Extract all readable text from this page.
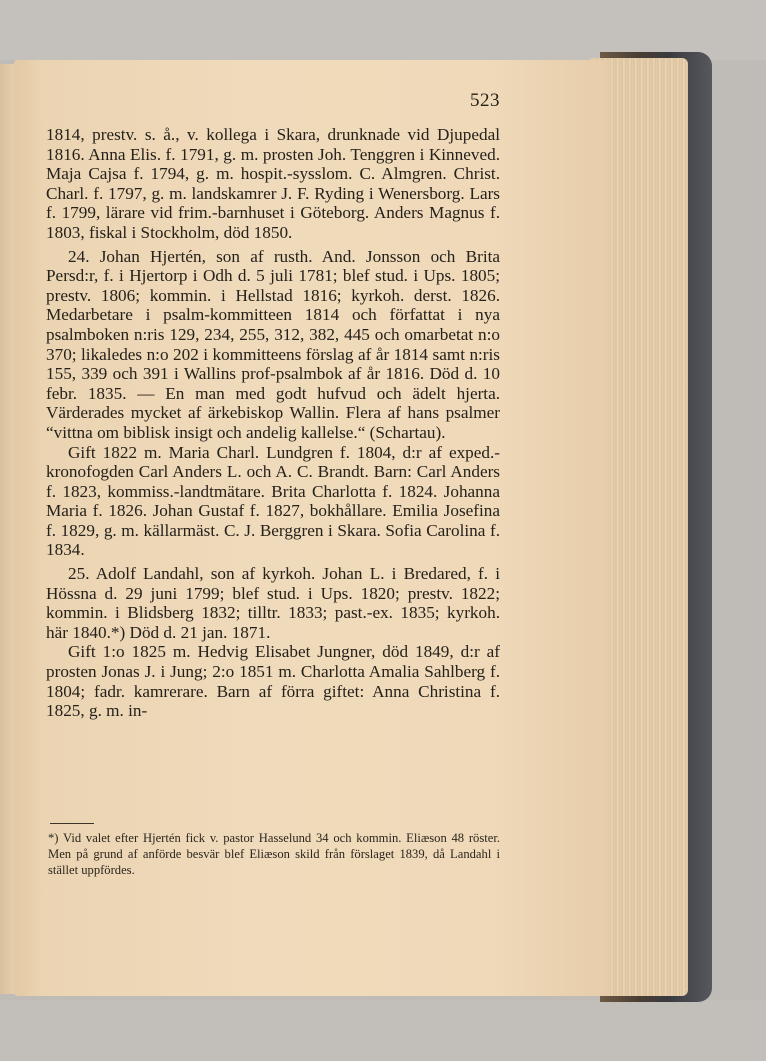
523

1814, prestv. s. å., v. kollega i Skara, drunknade vid Djupedal 1816. Anna Elis. f. 1791, g. m. prosten Joh. Tenggren i Kinneved. Maja Cajsa f. 1794, g. m. hospit.-sysslom. C. Almgren. Christ. Charl. f. 1797, g. m. landskamrer J. F. Ryding i Wenersborg. Lars f. 1799, lärare vid frim.-barnhuset i Göteborg. Anders Magnus f. 1803, fiskal i Stockholm, död 1850.

24. Johan Hjertén, son af rusth. And. Jonsson och Brita Persd:r, f. i Hjertorp i Odh d. 5 juli 1781; blef stud. i Ups. 1805; prestv. 1806; kommin. i Hellstad 1816; kyrkoh. derst. 1826. Medarbetare i psalm-kommitteen 1814 och författat i nya psalmboken n:ris 129, 234, 255, 312, 382, 445 och omarbetat n:o 370; likaledes n:o 202 i kommitteens förslag af år 1814 samt n:ris 155, 339 och 391 i Wallins prof-psalmbok af år 1816. Död d. 10 febr. 1835. — En man med godt hufvud och ädelt hjerta. Värderades mycket af ärkebiskop Wallin. Flera af hans psalmer “vittna om biblisk insigt och andelig kallelse.“ (Schartau).

Gift 1822 m. Maria Charl. Lundgren f. 1804, d:r af exped.-kronofogden Carl Anders L. och A. C. Brandt. Barn: Carl Anders f. 1823, kommiss.-landtmätare. Brita Charlotta f. 1824. Johanna Maria f. 1826. Johan Gustaf f. 1827, bokhållare. Emilia Josefina f. 1829, g. m. källarmäst. C. J. Berggren i Skara. Sofia Carolina f. 1834.

25. Adolf Landahl, son af kyrkoh. Johan L. i Bredared, f. i Hössna d. 29 juni 1799; blef stud. i Ups. 1820; prestv. 1822; kommin. i Blidsberg 1832; tilltr. 1833; past.-ex. 1835; kyrkoh. här 1840.*) Död d. 21 jan. 1871.

Gift 1:o 1825 m. Hedvig Elisabet Jungner, död 1849, d:r af prosten Jonas J. i Jung; 2:o 1851 m. Charlotta Amalia Sahlberg f. 1804; fadr. kamrerare. Barn af förra giftet: Anna Christina f. 1825, g. m. in-

*) Vid valet efter Hjertén fick v. pastor Hasselund 34 och kommin. Eliæson 48 röster. Men på grund af anförde besvär blef Eliæson skild från förslaget 1839, då Landahl i stället uppfördes.
